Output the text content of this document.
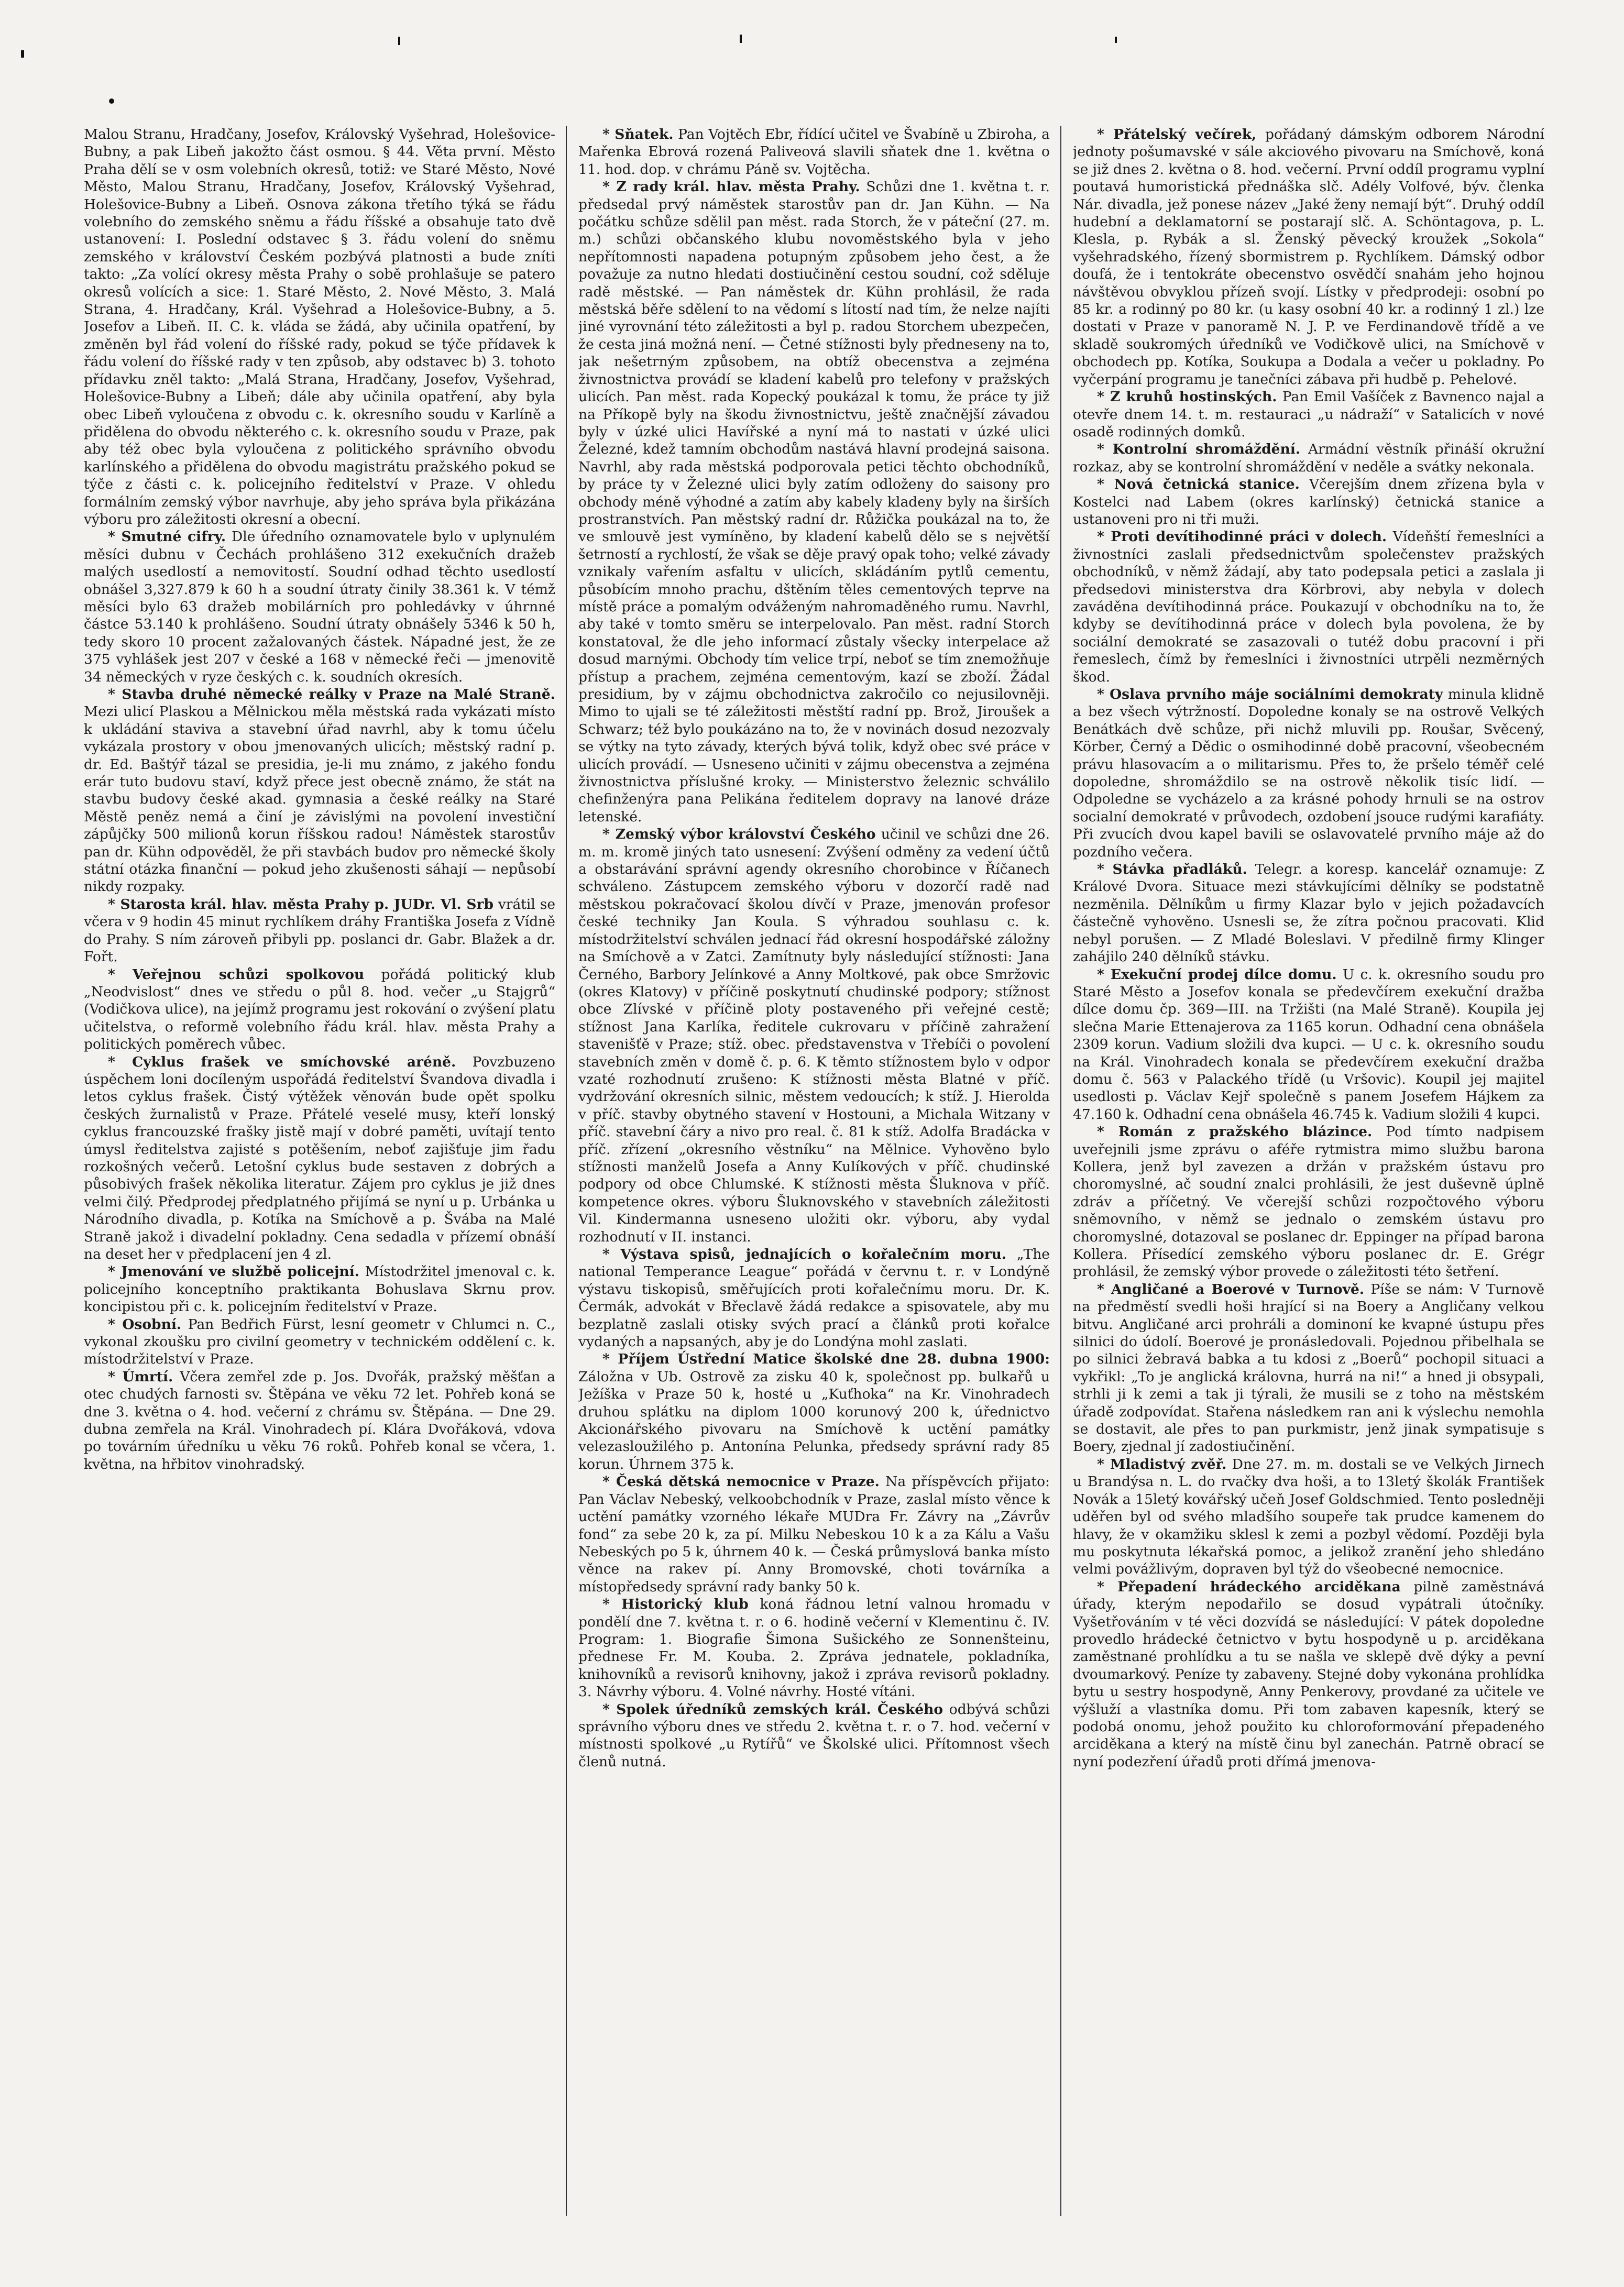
Malou Stranu, Hradčany, Josefov, Královský Vyšehrad, Holešovice-Bubny, a pak Libeň jakožto část osmou. § 44. Věta první. Město Praha dělí se v osm volebních okresů, totiž: ve Staré Město, Nové Město, Malou Stranu, Hradčany, Josefov, Královský Vyšehrad, Holešovice-Bubny a Libeň. Osnova zákona třetího týká se řádu volebního do zemského sněmu a řádu říšské a obsahuje tato dvě ustanovení: I. Poslední odstavec § 3. řádu volení do sněmu zemského v království Českém pozbývá platnosti a bude zníti takto: „Za volící okresy města Prahy o sobě prohlašuje se patero okresů volících a sice: 1. Staré Město, 2. Nové Město, 3. Malá Strana, 4. Hradčany, Král. Vyšehrad a Holešovice-Bubny, a 5. Josefov a Libeň. II. C. k. vláda se žádá, aby učinila opatření, by změněn byl řád volení do říšské rady, pokud se týče přídavek k řádu volení do říšské rady v ten způsob, aby odstavec b) 3. tohoto přídavku zněl takto: „Malá Strana, Hradčany, Josefov, Vyšehrad, Holešovice-Bubny a Libeň; dále aby učinila opatření, aby byla obec Libeň vyloučena z obvodu c. k. okresního soudu v Karlíně a přidělena do obvodu některého c. k. okresního soudu v Praze, pak aby též obec byla vyloučena z politického správního obvodu karlínského a přidělena do obvodu magistrátu pražského pokud se týče z části c. k. policejního ředitelství v Praze. V ohledu formálním zemský výbor navrhuje, aby jeho správa byla přikázána výboru pro záležitosti okresní a obecní.

* Smutné cifry. Dle úředního oznamovatele bylo v uplynulém měsíci dubnu v Čechách prohlášeno 312 exekučních dražeb malých usedlostí a nemovitostí. Soudní odhad těchto usedlostí obnášel 3,327.879 k 60 h a soudní útraty činily 38.361 k. V témž měsíci bylo 63 dražeb mobilárních pro pohledávky v úhrnné částce 53.140 k prohlášeno. Soudní útraty obnášely 5346 k 50 h, tedy skoro 10 procent zažalovaných částek. Nápadné jest, že ze 375 vyhlášek jest 207 v české a 168 v německé řeči — jmenovitě 34 německých v ryze českých c. k. soudních okresích.

* Stavba druhé německé reálky v Praze na Malé Straně. Mezi ulicí Plaskou a Mělnickou měla městská rada vykázati místo k ukládání staviva a stavební úřad navrhl, aby k tomu účelu vykázala prostory v obou jmenovaných ulicích; městský radní p. dr. Ed. Baštýř tázal se presidia, je-li mu známo, z jakého fondu erár tuto budovu staví, když přece jest obecně známo, že stát na stavbu budovy české akad. gymnasia a české reálky na Staré Městě peněz nemá a činí je závislými na povolení investiční zápůjčky 500 milionů korun říšskou radou! Náměstek starostův pan dr. Kühn odpověděl, že při stavbách budov pro německé školy státní otázka finanční — pokud jeho zkušenosti sáhají — nepůsobí nikdy rozpaky.

* Starosta král. hlav. města Prahy p. JUDr. Vl. Srb vrátil se včera v 9 hodin 45 minut rychlíkem dráhy Františka Josefa z Vídně do Prahy. S ním zároveň přibyli pp. poslanci dr. Gabr. Blažek a dr. Fořt.

* Veřejnou schůzi spolkovou pořádá politický klub „Neodvislost“ dnes ve středu o půl 8. hod. večer „u Stajgrů“ (Vodičkova ulice), na jejímž programu jest rokování o zvýšení platu učitelstva, o reformě volebního řádu král. hlav. města Prahy a politických poměrech vůbec.

* Cyklus frašek ve smíchovské aréně. Povzbuzeno úspěchem loni docíleným uspořádá ředitelství Švandova divadla i letos cyklus frašek. Čistý výtěžek věnován bude opět spolku českých žurnalistů v Praze. Přátelé veselé musy, kteří lonský cyklus francouzské frašky jistě mají v dobré paměti, uvítají tento úmysl ředitelstva zajisté s potěšením, neboť zajišťuje jim řadu rozkošných večerů. Letošní cyklus bude sestaven z dobrých a působivých frašek několika literatur. Zájem pro cyklus je již dnes velmi čilý. Předprodej předplatného přijímá se nyní u p. Urbánka u Národního divadla, p. Kotíka na Smíchově a p. Švába na Malé Straně jakož i divadelní pokladny. Cena sedadla v přízemí obnáší na deset her v předplacení jen 4 zl.

* Jmenování ve službě policejní. Místodržitel jmenoval c. k. policejního konceptního praktikanta Bohuslava Skrnu prov. koncipistou při c. k. policejním ředitelství v Praze.

* Osobní. Pan Bedřich Fürst, lesní geometr v Chlumci n. C., vykonal zkoušku pro civilní geometry v technickém oddělení c. k. místodržitelství v Praze.

* Úmrtí. Včera zemřel zde p. Jos. Dvořák, pražský měšťan a otec chudých farnosti sv. Štěpána ve věku 72 let. Pohřeb koná se dne 3. května o 4. hod. večerní z chrámu sv. Štěpána. — Dne 29. dubna zemřela na Král. Vinohradech pí. Klára Dvořáková, vdova po továrním úředníku u věku 76 roků. Pohřeb konal se včera, 1. května, na hřbitov vinohradský.

* Sňatek. Pan Vojtěch Ebr, řídící učitel ve Švabíně u Zbiroha, a Mařenka Ebrová rozená Paliveová slavili sňatek dne 1. května o 11. hod. dop. v chrámu Páně sv. Vojtěcha.

* Z rady král. hlav. města Prahy. Schůzi dne 1. května t. r. předsedal prvý náměstek starostův pan dr. Jan Kühn. — Na počátku schůze sdělil pan měst. rada Storch, že v páteční (27. m. m.) schůzi občanského klubu novoměstského byla v jeho nepřítomnosti napadena potupným způsobem jeho čest, a že považuje za nutno hledati dostiučinění cestou soudní, což sděluje radě městské. — Pan náměstek dr. Kühn prohlásil, že rada městská běře sdělení to na vědomí s lítostí nad tím, že nelze najíti jiné vyrovnání této záležitosti a byl p. radou Storchem ubezpečen, že cesta jiná možná není. — Četné stížnosti byly předneseny na to, jak nešetrným způsobem, na obtíž obecenstva a zejména živnostnictva provádí se kladení kabelů pro telefony v pražských ulicích. Pan měst. rada Kopecký poukázal k tomu, že práce ty již na Příkopě byly na škodu živnostnictvu, ještě značnější závadou byly v úzké ulici Havířské a nyní má to nastati v úzké ulici Železné, kdež tamním obchodům nastává hlavní prodejná saisona. Navrhl, aby rada městská podporovala petici těchto obchodníků, by práce ty v Železné ulici byly zatím odloženy do saisony pro obchody méně výhodné a zatím aby kabely kladeny byly na širších prostranstvích. Pan městský radní dr. Růžička poukázal na to, že ve smlouvě jest vymíněno, by kladení kabelů dělo se s největší šetrností a rychlostí, že však se děje pravý opak toho; velké závady vznikaly vařením asfaltu v ulicích, skládáním pytlů cementu, působícím mnoho prachu, dštěním těles cementových teprve na místě práce a pomalým odváženým nahromaděného rumu. Navrhl, aby také v tomto směru se interpelovalo. Pan měst. radní Storch konstatoval, že dle jeho informací zůstaly všecky interpelace až dosud marnými. Obchody tím velice trpí, neboť se tím znemožňuje přístup a prachem, zejména cementovým, kazí se zboží. Žádal presidium, by v zájmu obchodnictva zakročilo co nejusilovněji. Mimo to ujali se té záležitosti městští radní pp. Brož, Jiroušek a Schwarz; též bylo poukázáno na to, že v novinách dosud nezozvaly se výtky na tyto závady, kterých bývá tolik, když obec své práce v ulicích provádí. — Usneseno učiniti v zájmu obecenstva a zejména živnostnictva příslušné kroky. — Ministerstvo železnic schválilo chefinženýra pana Pelikána ředitelem dopravy na lanové dráze letenské.

* Zemský výbor království Českého učinil ve schůzi dne 26. m. m. kromě jiných tato usnesení: Zvýšení odměny za vedení účtů a obstarávání správní agendy okresního chorobince v Říčanech schváleno. Zástupcem zemského výboru v dozorčí radě nad městskou pokračovací školou dívčí v Praze, jmenován profesor české techniky Jan Koula. S výhradou souhlasu c. k. místodržitelství schválen jednací řád okresní hospodářské záložny na Smíchově a v Zatci. Zamítnuty byly následující stížnosti: Jana Černého, Barbory Jelínkové a Anny Moltkové, pak obce Smržovic (okres Klatovy) v příčině poskytnutí chudinské podpory; stížnost obce Zlívské v příčině ploty postaveného při veřejné cestě; stížnost Jana Karlíka, ředitele cukrovaru v příčině zahražení stavenišťě v Praze; stíž. obec. představenstva v Třebíči o povolení stavebních změn v domě č. p. 6. K těmto stížnostem bylo v odpor vzaté rozhodnutí zrušeno: K stížnosti města Blatné v příč. vydržování okresních silnic, městem vedoucích; k stíž. J. Hierolda v příč. stavby obytného stavení v Hostouni, a Michala Witzany v příč. stavební čáry a nivo pro real. č. 81 k stíž. Adolfa Bradácka v příč. zřízení „okresního věstníku“ na Mělnice. Vyhověno bylo stížnosti manželů Josefa a Anny Kulíkových v příč. chudinské podpory od obce Chlumské. K stížnosti města Šluknova v příč. kompetence okres. výboru Šluknovského v stavebních záležitosti Vil. Kindermanna usneseno uložiti okr. výboru, aby vydal rozhodnutí v II. instanci.

* Výstava spisů, jednajících o kořalečním moru. „The national Temperance League“ pořádá v červnu t. r. v Londýně výstavu tiskopisů, směřujících proti kořalečnímu moru. Dr. K. Čermák, advokát v Břeclavě žádá redakce a spisovatele, aby mu bezplatně zaslali otisky svých prací a článků proti kořalce vydaných a napsaných, aby je do Londýna mohl zaslati.

* Příjem Ústřední Matice školské dne 28. dubna 1900: Záložna v Ub. Ostrově za zisku 40 k, společnost pp. bulkařů u Ježíška v Praze 50 k, hosté u „Kuťhoka“ na Kr. Vinohradech druhou splátku na diplom 1000 korunový 200 k, úřednictvo Akcionářského pivovaru na Smíchově k uctění památky velezasloužilého p. Antonína Pelunka, předsedy správní rady 85 korun. Úhrnem 375 k.

* Česká dětská nemocnice v Praze. Na příspěvcích přijato: Pan Václav Nebeský, velkoobchodník v Praze, zaslal místo věnce k uctění památky vzorného lékaře MUDra Fr. Závry na „Závrův fond“ za sebe 20 k, za pí. Milku Nebeskou 10 k a za Kálu a Vašu Nebeských po 5 k, úhrnem 40 k. — Česká průmyslová banka místo věnce na rakev pí. Anny Bromovské, choti továrníka a místopředsedy správní rady banky 50 k.

* Historický klub koná řádnou letní valnou hromadu v pondělí dne 7. května t. r. o 6. hodině večerní v Klementinu č. IV. Program: 1. Biografie Šimona Sušického ze Sonnenšteinu, přednese Fr. M. Kouba. 2. Zpráva jednatele, pokladníka, knihovníků a revisorů knihovny, jakož i zpráva revisorů pokladny. 3. Návrhy výboru. 4. Volné návrhy. Hosté vítáni.

* Spolek úředníků zemských král. Českého odbývá schůzi správního výboru dnes ve středu 2. května t. r. o 7. hod. večerní v místnosti spolkové „u Rytířů“ ve Školské ulici. Přítomnost všech členů nutná.

* Přátelský večírek, pořádaný dámským odborem Národní jednoty pošumavské v sále akciového pivovaru na Smíchově, koná se již dnes 2. května o 8. hod. večerní. První oddíl programu vyplní poutavá humoristická přednáška slč. Adély Volfové, býv. členka Nár. divadla, jež ponese název „Jaké ženy nemají být“. Druhý oddíl hudební a deklamatorní se postarají slč. A. Schöntagova, p. L. Klesla, p. Rybák a sl. Ženský pěvecký kroužek „Sokola“ vyšehradského, řízený sbormistrem p. Rychlíkem. Dámský odbor doufá, že i tentokráte obecenstvo osvědčí snahám jeho hojnou návštěvou obvyklou přízeň svojí. Lístky v předprodeji: osobní po 85 kr. a rodinný po 80 kr. (u kasy osobní 40 kr. a rodinný 1 zl.) lze dostati v Praze v panoramě N. J. P. ve Ferdinandově třídě a ve skladě soukromých úředníků ve Vodičkově ulici, na Smíchově v obchodech pp. Kotíka, Soukupa a Dodala a večer u pokladny. Po vyčerpání programu je tanečníci zábava při hudbě p. Pehelové.

* Z kruhů hostinských. Pan Emil Vašíček z Bavnenco najal a otevře dnem 14. t. m. restauraci „u nádraží“ v Satalicích v nové osadě rodinných domků.

* Kontrolní shromáždění. Armádní věstník přináší okružní rozkaz, aby se kontrolní shromáždění v neděle a svátky nekonala.

* Nová četnická stanice. Včerejším dnem zřízena byla v Kostelci nad Labem (okres karlínský) četnická stanice a ustanoveni pro ni tři muži.

* Proti devítihodinné práci v dolech. Vídeňští řemeslníci a živnostníci zaslali předsednictvům společenstev pražských obchodníků, v němž žádají, aby tato podepsala petici a zaslala ji předsedovi ministerstva dra Körbrovi, aby nebyla v dolech zaváděna devítihodinná práce. Poukazují v obchodníku na to, že kdyby se devítihodinná práce v dolech byla povolena, že by sociální demokraté se zasazovali o tutéž dobu pracovní i při řemeslech, čímž by řemeslníci i živnostníci utrpěli nezměrných škod.

* Oslava prvního máje sociálními demokraty minula klidně a bez všech výtržností. Dopoledne konaly se na ostrově Velkých Benátkách dvě schůze, při nichž mluvili pp. Roušar, Svěcený, Körber, Černý a Dědic o osmihodinné době pracovní, všeobecném právu hlasovacím a o militarismu. Přes to, že pršelo téměř celé dopoledne, shromáždilo se na ostrově několik tisíc lidí. — Odpoledne se vycházelo a za krásné pohody hrnuli se na ostrov socialní demokraté v průvodech, ozdobení jsouce rudými karafiáty. Při zvucích dvou kapel bavili se oslavovatelé prvního máje až do pozdního večera.

* Stávka přadláků. Telegr. a koresp. kancelář oznamuje: Z Králové Dvora. Situace mezi stávkujícími dělníky se podstatně nezměnila. Dělníkům u firmy Klazar bylo v jejich požadavcích částečně vyhověno. Usnesli se, že zítra počnou pracovati. Klid nebyl porušen. — Z Mladé Boleslavi. V předilně firmy Klinger zahájilo 240 dělníků stávku.

* Exekuční prodej dílce domu. U c. k. okresního soudu pro Staré Město a Josefov konala se předevčírem exekuční dražba dílce domu čp. 369—III. na Tržišti (na Malé Straně). Koupila jej slečna Marie Ettenajerova za 1165 korun. Odhadní cena obnášela 2309 korun. Vadium složili dva kupci. — U c. k. okresního soudu na Král. Vinohradech konala se předevčírem exekuční dražba domu č. 563 v Palackého třídě (u Vršovic). Koupil jej majitel usedlosti p. Václav Kejř společně s panem Josefem Hájkem za 47.160 k. Odhadní cena obnášela 46.745 k. Vadium složili 4 kupci.

* Román z pražského blázince. Pod tímto nadpisem uveřejnili jsme zprávu o aféře rytmistra mimo službu barona Kollera, jenž byl zavezen a držán v pražském ústavu pro choromyslné, ač soudní znalci prohlásili, že jest duševně úplně zdráv a příčetný. Ve včerejší schůzi rozpočtového výboru sněmovního, v němž se jednalo o zemském ústavu pro choromyslné, dotazoval se poslanec dr. Eppinger na případ barona Kollera. Přísedící zemského výboru poslanec dr. E. Grégr prohlásil, že zemský výbor provede o záležitosti této šetření.

* Angličané a Boerové v Turnově. Píše se nám: V Turnově na předměstí svedli hoši hrající si na Boery a Angličany velkou bitvu. Angličané arci prohráli a dominoní ke kvapné ústupu přes silnici do údolí. Boerové je pronásledovali. Pojednou přibelhala se po silnici žebravá babka a tu kdosi z „Boerů“ pochopil situaci a vykřikl: „To je anglická královna, hurrá na ni!“ a hned ji obsypali, strhli ji k zemi a tak ji týrali, že musili se z toho na městském úřadě zodpovídat. Stařena následkem ran ani k výslechu nemohla se dostavit, ale přes to pan purkmistr, jenž jinak sympatisuje s Boery, zjednal jí zadostiučinění.

* Mladistvý zvěř. Dne 27. m. m. dostali se ve Velkých Jirnech u Brandýsa n. L. do rvačky dva hoši, a to 13letý školák František Novák a 15letý kovářský učeň Josef Goldschmied. Tento posledněji uděřen byl od svého mladšího soupeře tak prudce kamenem do hlavy, že v okamžiku sklesl k zemi a pozbyl vědomí. Později byla mu poskytnuta lékařská pomoc, a jelikož zranění jeho shledáno velmi povážlivým, dopraven byl týž do všeobecné nemocnice.

* Přepadení hrádeckého arciděkana pilně zaměstnává úřady, kterým nepodařilo se dosud vypátrali útočníky. Vyšetřováním v té věci dozvídá se následující: V pátek dopoledne provedlo hrádecké četnictvo v bytu hospodyně u p. arciděkana zaměstnané prohlídku a tu se našla ve sklepě dvě dýky a pevní dvoumarkový. Peníze ty zabaveny. Stejné doby vykonána prohlídka bytu u sestry hospodyně, Anny Penkerovy, provdané za učitele ve výšluží a vlastníka domu. Při tom zabaven kapesník, který se podobá onomu, jehož použito ku chloroformování přepadeného arciděkana a který na místě činu byl zanechán. Patrně obrací se nyní podezření úřadů proti dřímá jmenova-
